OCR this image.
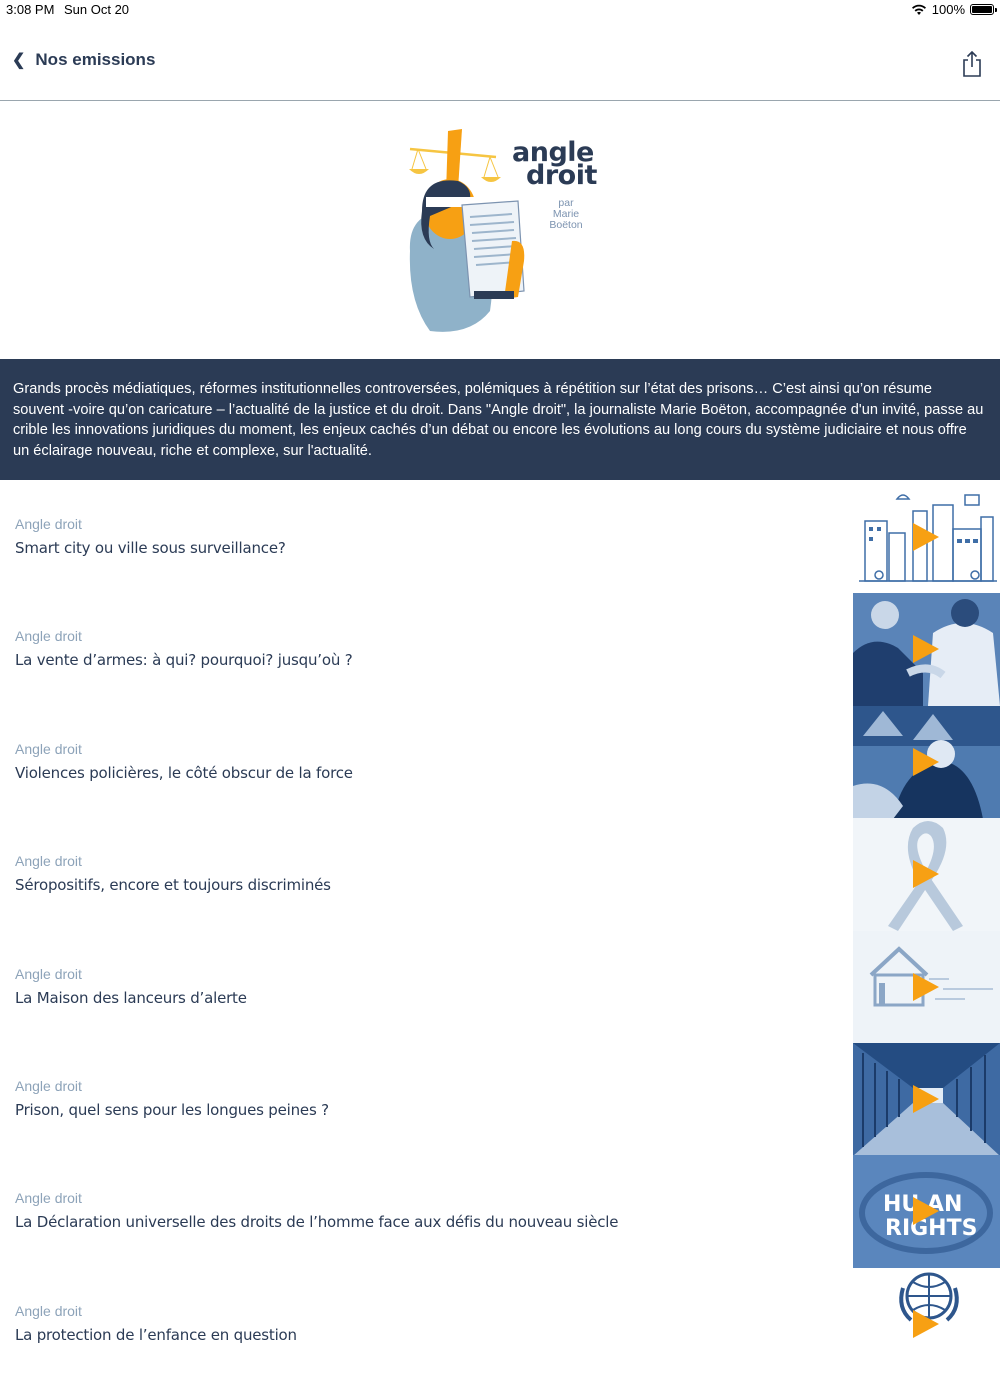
3:08 PM Sun Oct 20	100%
❮ Nos emissions
angle
droit
par
Marie
Boëton
Grands procès médiatiques, réformes institutionnelles controversées, polémiques à répétition sur l’état des prisons… C’est ainsi qu’on résume souvent -voire qu’on caricature – l’actualité de la justice et du droit. Dans "Angle droit", la journaliste Marie Boëton, accompagnée d'un invité, passe au crible les innovations juridiques du moment, les enjeux cachés d’un débat ou encore les évolutions au long cours du système judiciaire et nous offre un éclairage nouveau, riche et complexe, sur l'actualité.
Angle droit
Smart city ou ville sous surveillance?
Angle droit
La vente d’armes: à qui? pourquoi? jusqu’où ?
Angle droit
Violences policières, le côté obscur de la force
Angle droit
Séropositifs, encore et toujours discriminés
Angle droit
La Maison des lanceurs d’alerte
Angle droit
Prison, quel sens pour les longues peines ?
Angle droit
La Déclaration universelle des droits de l’homme face aux défis du nouveau siècle
HU AN
RIGHTS
Angle droit
La protection de l’enfance en question
